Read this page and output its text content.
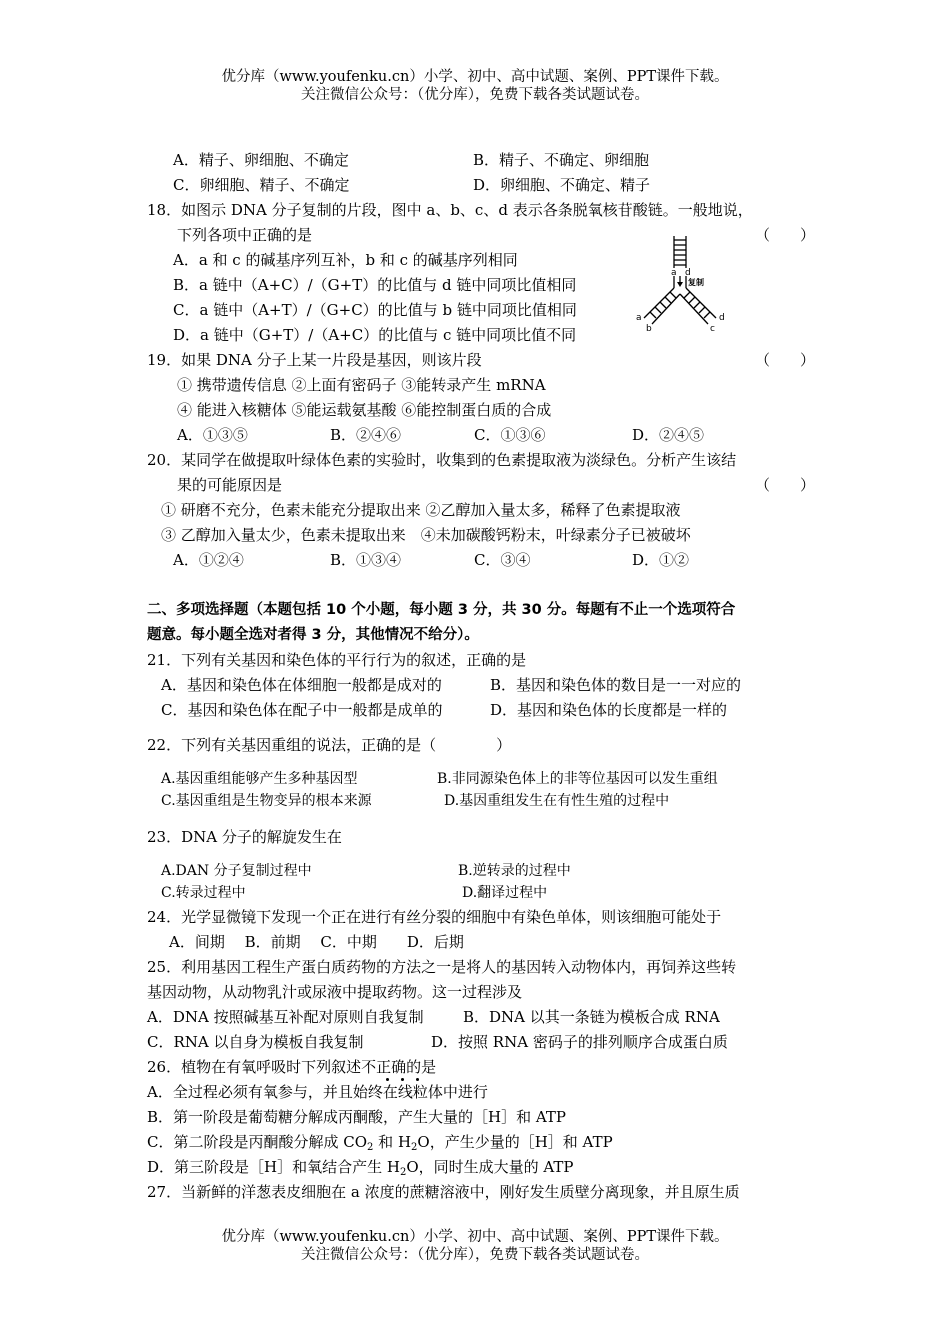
优分库（www.youfenku.cn）小学、初中、高中试题、案例、PPT课件下载。
关注微信公众号：（优分库），免费下载各类试题试卷。
A．精子、卵细胞、不确定	B．精子、不确定、卵细胞
C．卵细胞、精子、不确定	D．卵细胞、不确定、精子
18．如图示 DNA 分子复制的片段，图中 a、b、c、d 表示各条脱氧核苷酸链。一般地说，
下列各项中正确的是	（　　）
A．a 和 c 的碱基序列互补，b 和 c 的碱基序列相同
B．a 链中（A+C）/（G+T）的比值与 d 链中同项比值相同
C．a 链中（A+T）/（G+C）的比值与 b 链中同项比值相同
D．a 链中（G+T）/（A+C）的比值与 c 链中同项比值不同
a d
复制
a
b	c
d
19．如果 DNA 分子上某一片段是基因，则该片段	（　　）
① 携带遗传信息 ②上面有密码子 ③能转录产生 mRNA
④ 能进入核糖体 ⑤能运载氨基酸 ⑥能控制蛋白质的合成
A．①③⑤	B．②④⑥	C．①③⑥	D．②④⑤
20．某同学在做提取叶绿体色素的实验时，收集到的色素提取液为淡绿色。分析产生该结
果的可能原因是	（　　）
① 研磨不充分，色素未能充分提取出来 ②乙醇加入量太多，稀释了色素提取液
③ 乙醇加入量太少，色素未提取出来　④未加碳酸钙粉末，叶绿素分子已被破坏
A．①②④	B．①③④	C．③④	D．①②
二、多项选择题（本题包括 10 个小题，每小题 3 分，共 30 分。每题有不止一个选项符合
题意。每小题全选对者得 3 分，其他情况不给分）。
21．下列有关基因和染色体的平行行为的叙述，正确的是
A．基因和染色体在体细胞一般都是成对的	B．基因和染色体的数目是一一对应的
C．基因和染色体在配子中一般都是成单的	D．基因和染色体的长度都是一样的
22．下列有关基因重组的说法，正确的是（　　　　）
A.基因重组能够产生多种基因型	B.非同源染色体上的非等位基因可以发生重组
C.基因重组是生物变异的根本来源	D.基因重组发生在有性生殖的过程中
23．DNA 分子的解旋发生在
A.DAN 分子复制过程中	B.逆转录的过程中
C.转录过程中	D.翻译过程中
24．光学显微镜下发现一个正在进行有丝分裂的细胞中有染色单体，则该细胞可能处于
A．间期　 B．前期　 C．中期　　D．后期
25．利用基因工程生产蛋白质药物的方法之一是将人的基因转入动物体内，再饲养这些转
基因动物，从动物乳汁或尿液中提取药物。这一过程涉及
A．DNA 按照碱基互补配对原则自我复制	B．DNA 以其一条链为模板合成 RNA
C．RNA 以自身为模板自我复制	D．按照 RNA 密码子的排列顺序合成蛋白质
26．植物在有氧呼吸时下列叙述不正确的是
A．全过程必须有氧参与，并且始终在线粒体中进行
B．第一阶段是葡萄糖分解成丙酮酸，产生大量的［H］和 ATP
C．第二阶段是丙酮酸分解成 $CO_2$ 和 $H_2O$，产生少量的［H］和 ATP
D．第三阶段是［H］和氧结合产生 $H_2O$，同时生成大量的 ATP
27．当新鲜的洋葱表皮细胞在 a 浓度的蔗糖溶液中，刚好发生质壁分离现象，并且原生质
优分库（www.youfenku.cn）小学、初中、高中试题、案例、PPT课件下载。
关注微信公众号：（优分库），免费下载各类试题试卷。
